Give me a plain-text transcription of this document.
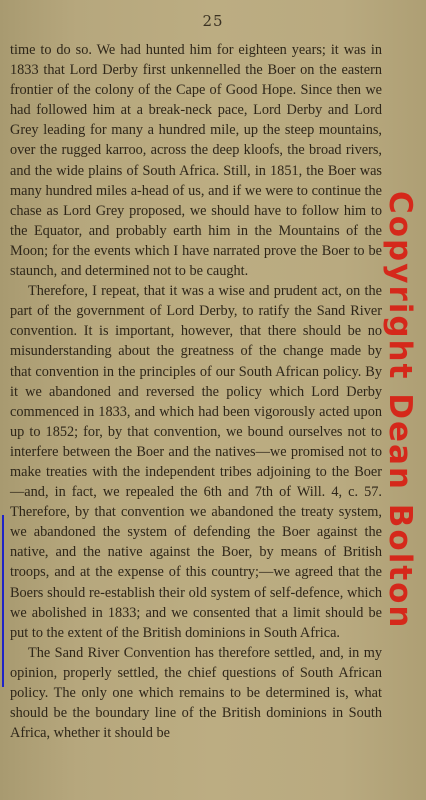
25

time to do so. We had hunted him for eighteen years; it was in 1833 that Lord Derby first unkennelled the Boer on the eastern frontier of the colony of the Cape of Good Hope. Since then we had followed him at a break-neck pace, Lord Derby and Lord Grey leading for many a hundred mile, up the steep mountains, over the rugged karroo, across the deep kloofs, the broad rivers, and the wide plains of South Africa. Still, in 1851, the Boer was many hundred miles a-head of us, and if we were to continue the chase as Lord Grey proposed, we should have to follow him to the Equator, and probably earth him in the Mountains of the Moon; for the events which I have narrated prove the Boer to be staunch, and determined not to be caught.

Therefore, I repeat, that it was a wise and prudent act, on the part of the government of Lord Derby, to ratify the Sand River convention. It is important, however, that there should be no misunderstanding about the greatness of the change made by that convention in the principles of our South African policy. By it we abandoned and reversed the policy which Lord Derby commenced in 1833, and which had been vigorously acted upon up to 1852; for, by that convention, we bound ourselves not to interfere between the Boer and the natives—we promised not to make treaties with the independent tribes adjoining to the Boer—and, in fact, we repealed the 6th and 7th of Will. 4, c. 57. Therefore, by that convention we abandoned the treaty system, we abandoned the system of defending the Boer against the native, and the native against the Boer, by means of British troops, and at the expense of this country;—we agreed that the Boers should re-establish their old system of self-defence, which we abolished in 1833; and we consented that a limit should be put to the extent of the British dominions in South Africa.

The Sand River Convention has therefore settled, and, in my opinion, properly settled, the chief questions of South African policy. The only one which remains to be determined is, what should be the boundary line of the British dominions in South Africa, whether it should be

Copyright Dean Bolton
